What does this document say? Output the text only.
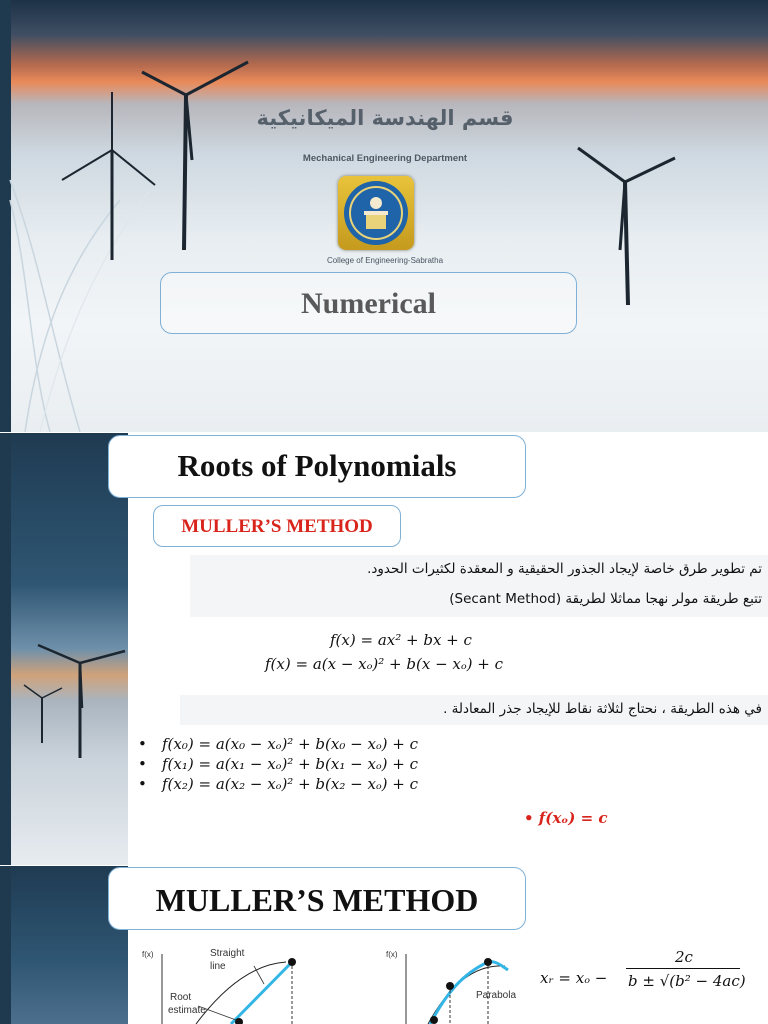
قسم الهندسة الميكانيكية
Mechanical Engineering Department
College of Engineering-Sabratha
Numerical
Roots of Polynomials
MULLER’S METHOD
تم تطوير طرق خاصة لإيجاد الجذور الحقيقية و المعقدة لكثيرات الحدود.
تتبع طريقة مولر نهجا مماثلا لطريقة (Secant Method)
f(x) = ax² + bx + c
f(x) = a(x − xₒ)² + b(x − xₒ) + c
في هذه الطريقة ، نحتاج لثلاثة نقاط للإيجاد جذر المعادلة .
f(x₀) = a(x₀ − xₒ)² + b(x₀ − xₒ) + c
f(x₁) = a(x₁ − xₒ)² + b(x₁ − xₒ) + c
f(x₂) = a(x₂ − xₒ)² + b(x₂ − xₒ) + c
• f(xₒ) = c
MULLER’S METHOD
f(x)	Straight
line
Root
estimate
f(x)
Parabola
xᵣ = xₒ −
2c
b ± √(b² − 4ac)
